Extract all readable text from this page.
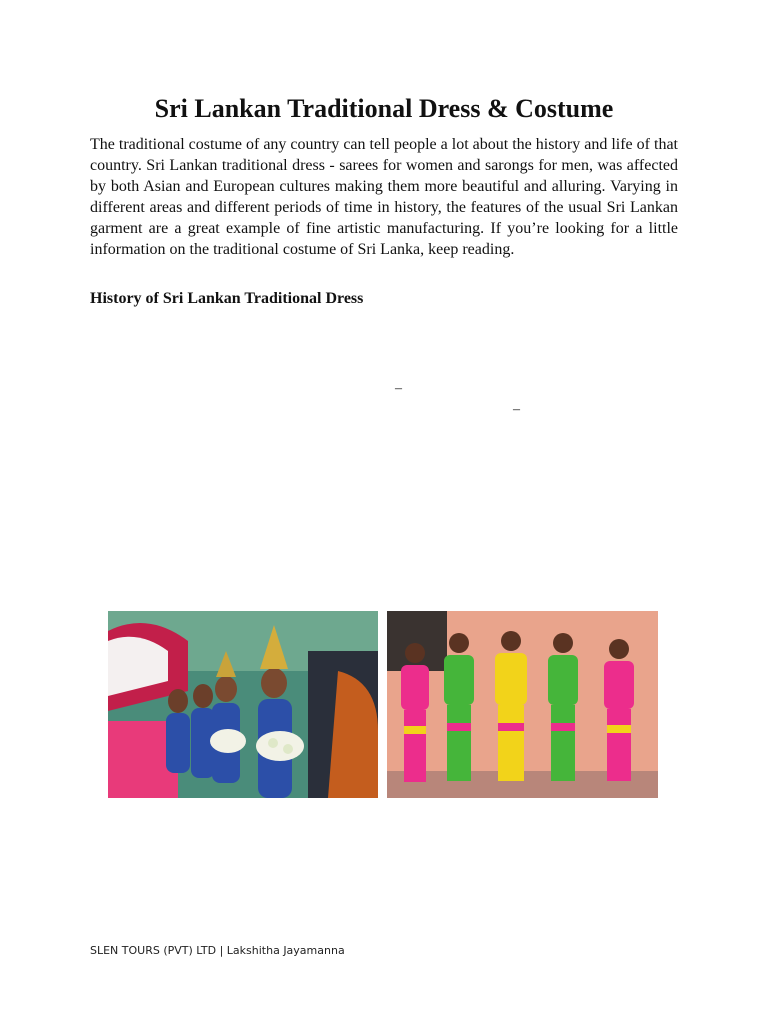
Sri Lankan Traditional Dress & Costume

The traditional costume of any country can tell people a lot about the history and life of that country. Sri Lankan traditional dress - sarees for women and sarongs for men, was affected by both Asian and European cultures making them more beautiful and alluring. Varying in different areas and different periods of time in history, the features of the usual Sri Lankan garment are a great example of fine artistic manufacturing. If you’re looking for a little information on the traditional costume of Sri Lanka, keep reading.

History of Sri Lankan Traditional Dress
–
–
SLEN TOURS (PVT) LTD | Lakshitha Jayamanna
